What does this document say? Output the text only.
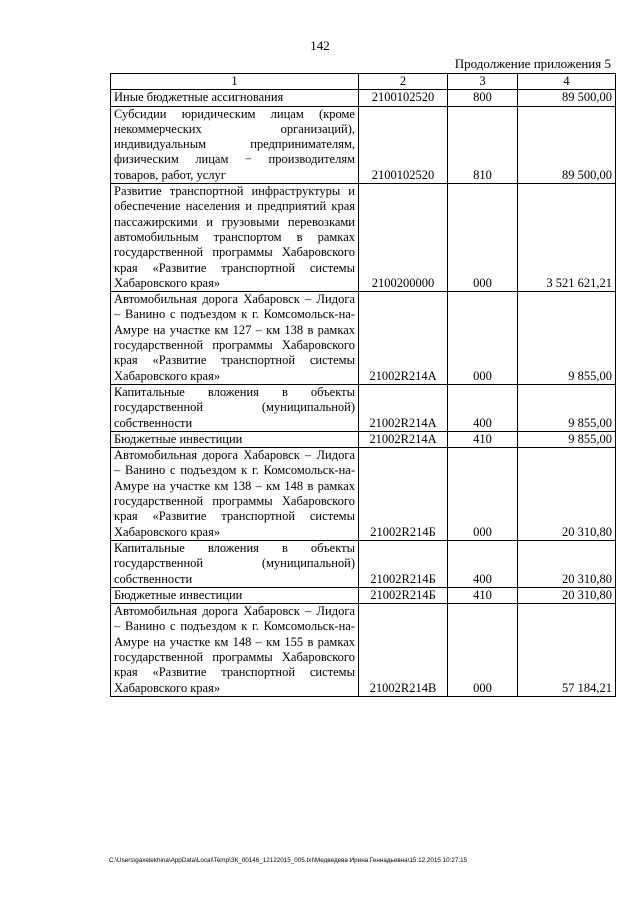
142
Продолжение приложения 5
1	2	3	4
Иные бюджетные ассигнования	2100102520	800	89 500,00
Субсидии юридическим лицам (кроме некоммерческих организаций), индивидуальным предпринимателям, физическим лицам − производителям товаров, работ, услуг	2100102520	810	89 500,00
Развитие транспортной инфраструктуры и обеспечение населения и предприятий края пассажирскими и грузовыми перевозками автомобильным транспортом в рамках государственной программы Хабаровского края «Развитие транспортной системы Хабаровского края»	2100200000	000	3 521 621,21
Автомобильная дорога Хабаровск – Лидога – Ванино с подъездом к г. Комсомольск-на-Амуре на участке км 127 – км 138 в рамках государственной программы Хабаровского края «Развитие транспортной системы Хабаровского края»	21002R214А	000	9 855,00
Капитальные вложения в объекты государственной (муниципальной) собственности	21002R214А	400	9 855,00
Бюджетные инвестиции	21002R214А	410	9 855,00
Автомобильная дорога Хабаровск – Лидога – Ванино с подъездом к г. Комсомольск-на-Амуре на участке км 138 – км 148 в рамках государственной программы Хабаровского края «Развитие транспортной системы Хабаровского края»	21002R214Б	000	20 310,80
Капитальные вложения в объекты государственной (муниципальной) собственности	21002R214Б	400	20 310,80
Бюджетные инвестиции	21002R214Б	410	20 310,80
Автомобильная дорога Хабаровск – Лидога – Ванино с подъездом к г. Комсомольск-на-Амуре на участке км 148 – км 155 в рамках государственной программы Хабаровского края «Развитие транспортной системы Хабаровского края»	21002R214В	000	57 184,21
C:\Users\gaxelekhina\AppData\Local\Temp\ЗК_00146_12122015_005.txt\Медведева Ирина Геннадьевна\15.12.2015 10:27:15
